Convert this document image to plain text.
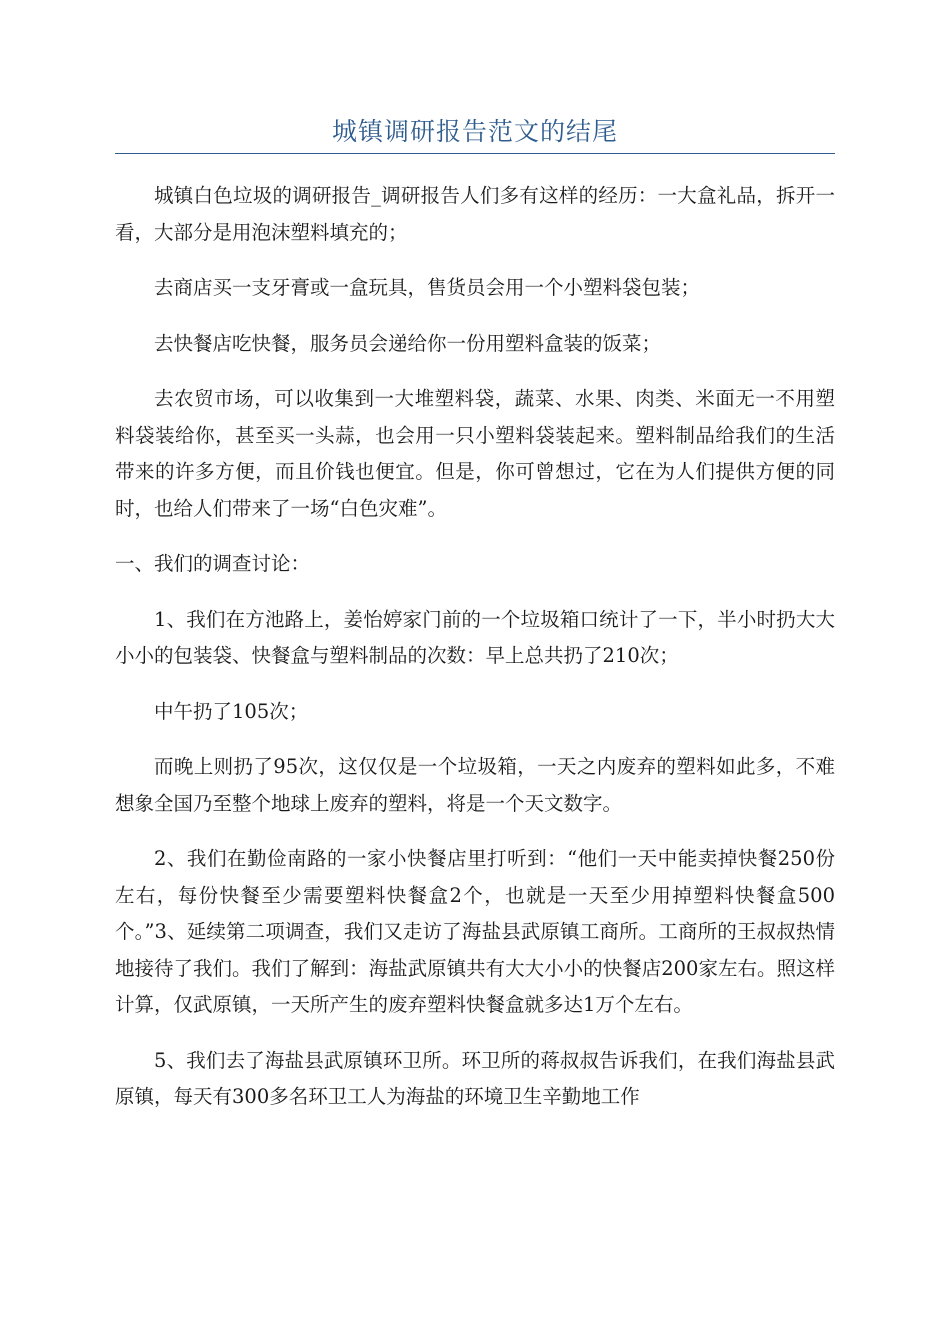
城镇调研报告范文的结尾

城镇白色垃圾的调研报告_调研报告人们多有这样的经历：一大盒礼品，拆开一看，大部分是用泡沫塑料填充的；

去商店买一支牙膏或一盒玩具，售货员会用一个小塑料袋包装；

去快餐店吃快餐，服务员会递给你一份用塑料盒装的饭菜；

去农贸市场，可以收集到一大堆塑料袋，蔬菜、水果、肉类、米面无一不用塑料袋装给你，甚至买一头蒜，也会用一只小塑料袋装起来。塑料制品给我们的生活带来的许多方便，而且价钱也便宜。但是，你可曾想过，它在为人们提供方便的同时，也给人们带来了一场“白色灾难”。

一、我们的调查讨论：

1、我们在方池路上，姜怡婷家门前的一个垃圾箱口统计了一下，半小时扔大大小小的包装袋、快餐盒与塑料制品的次数：早上总共扔了210次；

中午扔了105次；

而晚上则扔了95次，这仅仅是一个垃圾箱，一天之内废弃的塑料如此多，不难想象全国乃至整个地球上废弃的塑料，将是一个天文数字。

2、我们在勤俭南路的一家小快餐店里打听到：“他们一天中能卖掉快餐250份左右，每份快餐至少需要塑料快餐盒2个，也就是一天至少用掉塑料快餐盒500个。”3、延续第二项调查，我们又走访了海盐县武原镇工商所。工商所的王叔叔热情地接待了我们。我们了解到：海盐武原镇共有大大小小的快餐店200家左右。照这样计算，仅武原镇，一天所产生的废弃塑料快餐盒就多达1万个左右。

5、我们去了海盐县武原镇环卫所。环卫所的蒋叔叔告诉我们，在我们海盐县武原镇，每天有300多名环卫工人为海盐的环境卫生辛勤地工作
